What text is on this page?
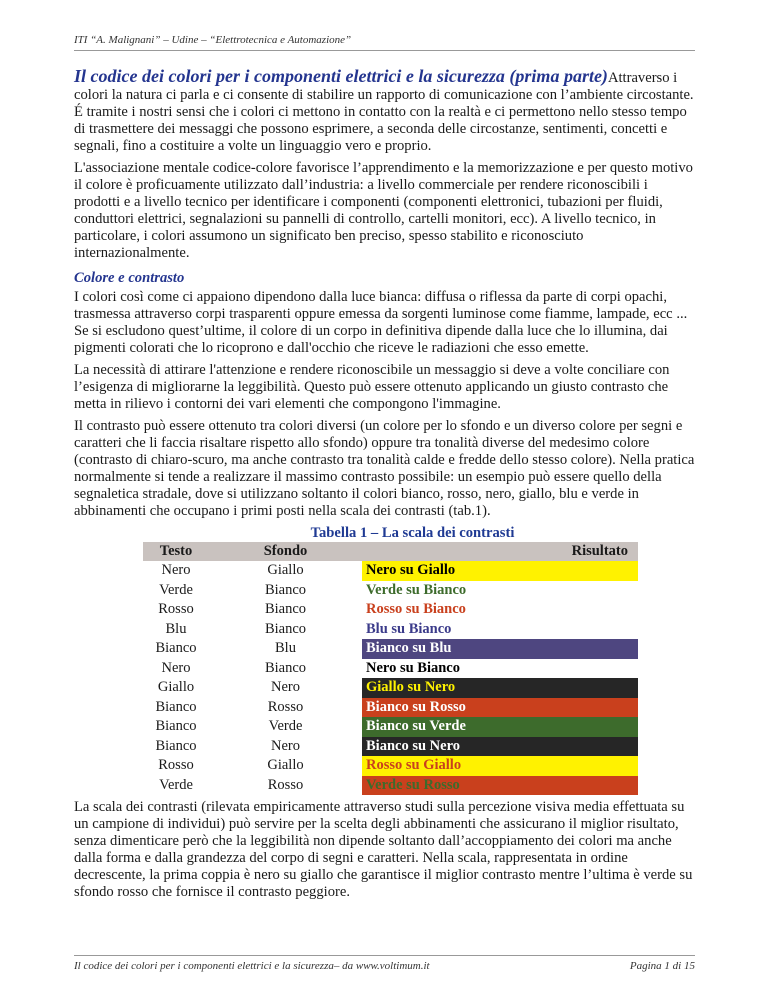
ITI “A. Malignani” – Udine – “Elettrotecnica e Automazione”

Il codice dei colori per i componenti elettrici e la sicurezza (prima parte)Attraverso i colori la natura ci parla e ci consente di stabilire un rapporto di comunicazione con l’ambiente circostante. É tramite i nostri sensi che i colori ci mettono in contatto con la realtà e ci permettono nello stesso tempo di trasmettere dei messaggi che possono esprimere, a seconda delle circostanze, sentimenti, concetti e segnali, fino a costituire a volte un linguaggio vero e proprio.

L'associazione mentale codice-colore favorisce l’apprendimento e la memorizzazione e per questo motivo il colore è proficuamente utilizzato dall’industria: a livello commerciale per rendere riconoscibili i prodotti e a livello tecnico per identificare i componenti (componenti elettronici, tubazioni per fluidi, conduttori elettrici, segnalazioni su pannelli di controllo, cartelli monitori, ecc). A livello tecnico, in particolare, i colori assumono un significato ben preciso, spesso stabilito e riconosciuto internazionalmente.

Colore e contrasto

I colori così come ci appaiono dipendono dalla luce bianca: diffusa o riflessa da parte di corpi opachi, trasmessa attraverso corpi trasparenti oppure emessa da sorgenti luminose come fiamme, lampade, ecc ... Se si escludono quest’ultime, il colore di un corpo in definitiva dipende dalla luce che lo illumina, dai pigmenti colorati che lo ricoprono e dall'occhio che riceve le radiazioni che esso emette.

La necessità di attirare l'attenzione e rendere riconoscibile un messaggio si deve a volte conciliare con l’esigenza di migliorarne la leggibilità. Questo può essere ottenuto applicando un giusto contrasto che metta in rilievo i contorni dei vari elementi che compongono l'immagine.

Il contrasto può essere ottenuto tra colori diversi (un colore per lo sfondo e un diverso colore per segni e caratteri che li faccia risaltare rispetto allo sfondo) oppure tra tonalità diverse del medesimo colore (contrasto di chiaro-scuro, ma anche contrasto tra tonalità calde e fredde dello stesso colore). Nella pratica normalmente si tende a realizzare il massimo contrasto possibile: un esempio può essere quello della segnaletica stradale, dove si utilizzano soltanto il colori bianco, rosso, nero, giallo, blu e verde in abbinamenti che occupano i primi posti nella scala dei contrasti (tab.1).

Tabella 1 – La scala dei contrasti
Testo	Sfondo	Risultato
Nero	Giallo	Nero su Giallo
Verde	Bianco	Verde su Bianco
Rosso	Bianco	Rosso su Bianco
Blu	Bianco	Blu su Bianco
Bianco	Blu	Bianco su Blu
Nero	Bianco	Nero su Bianco
Giallo	Nero	Giallo su Nero
Bianco	Rosso	Bianco su Rosso
Bianco	Verde	Bianco su Verde
Bianco	Nero	Bianco su Nero
Rosso	Giallo	Rosso su Giallo
Verde	Rosso	Verde su Rosso

La scala dei contrasti (rilevata empiricamente attraverso studi sulla percezione visiva media effettuata su un campione di individui) può servire per la scelta degli abbinamenti che assicurano il miglior risultato, senza dimenticare però che la leggibilità non dipende soltanto dall’accoppiamento dei colori ma anche dalla forma e dalla grandezza del corpo di segni e caratteri. Nella scala, rappresentata in ordine decrescente, la prima coppia è nero su giallo che garantisce il miglior contrasto mentre l’ultima è verde su sfondo rosso che fornisce il contrasto peggiore.

Il codice dei colori per i componenti elettrici e la sicurezza– da www.voltimum.it	Pagina 1 di 15
